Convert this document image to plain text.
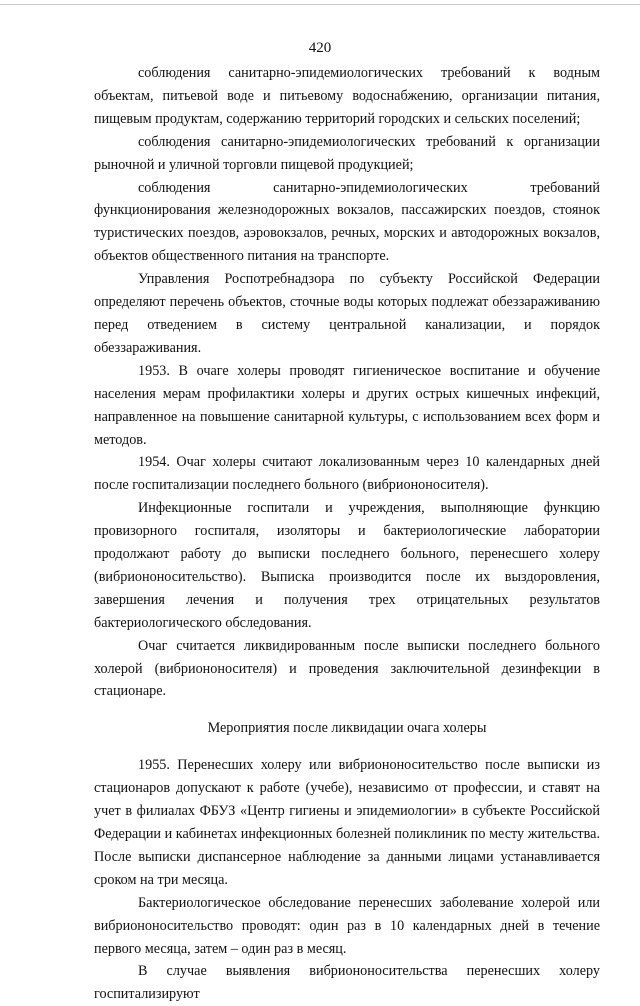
420

соблюдения санитарно-эпидемиологических требований к водным объектам, питьевой воде и питьевому водоснабжению, организации питания, пищевым продуктам, содержанию территорий городских и сельских поселений;

соблюдения санитарно-эпидемиологических требований к организации рыночной и уличной торговли пищевой продукцией;

соблюдения санитарно-эпидемиологических требований функционирования железнодорожных вокзалов, пассажирских поездов, стоянок туристических поездов, аэровокзалов, речных, морских и автодорожных вокзалов, объектов общественного питания на транспорте.

Управления Роспотребнадзора по субъекту Российской Федерации определяют перечень объектов, сточные воды которых подлежат обеззараживанию перед отведением в систему центральной канализации, и порядок обеззараживания.

1953. В очаге холеры проводят гигиеническое воспитание и обучение населения мерам профилактики холеры и других острых кишечных инфекций, направленное на повышение санитарной культуры, с использованием всех форм и методов.

1954. Очаг холеры считают локализованным через 10 календарных дней после госпитализации последнего больного (вибриононосителя).

Инфекционные госпитали и учреждения, выполняющие функцию провизорного госпиталя, изоляторы и бактериологические лаборатории продолжают работу до выписки последнего больного, перенесшего холеру (вибриононосительство). Выписка производится после их выздоровления, завершения лечения и получения трех отрицательных результатов бактериологического обследования.

Очаг считается ликвидированным после выписки последнего больного холерой (вибриононосителя) и проведения заключительной дезинфекции в стационаре.

Мероприятия после ликвидации очага холеры

1955. Перенесших холеру или вибриононосительство после выписки из стационаров допускают к работе (учебе), независимо от профессии, и ставят на учет в филиалах ФБУЗ «Центр гигиены и эпидемиологии» в субъекте Российской Федерации и кабинетах инфекционных болезней поликлиник по месту жительства. После выписки диспансерное наблюдение за данными лицами устанавливается сроком на три месяца.

Бактериологическое обследование перенесших заболевание холерой или вибриононосительство проводят: один раз в 10 календарных дней в течение первого месяца, затем – один раз в месяц.

В случае выявления вибриононосительства перенесших холеру госпитализируют
